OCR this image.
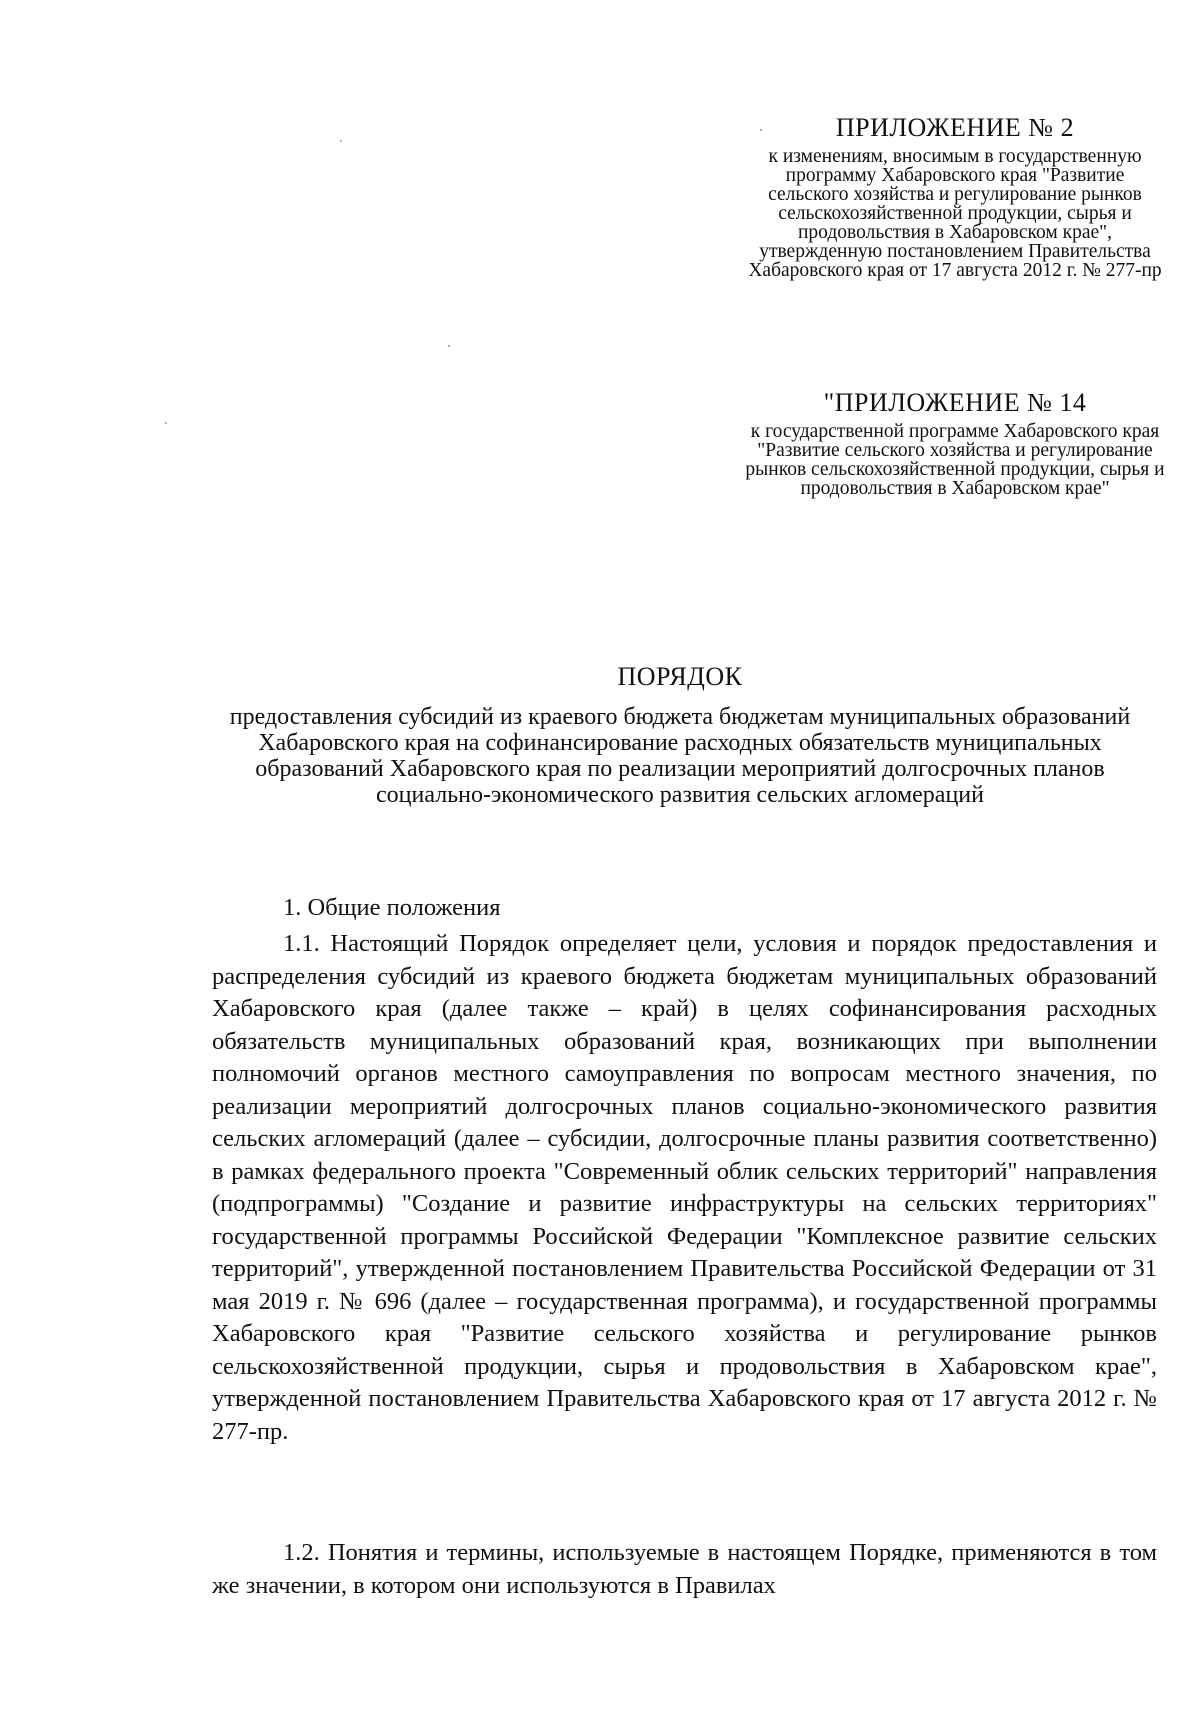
ПРИЛОЖЕНИЕ № 2

к изменениям, вносимым в государственную программу Хабаровского края "Развитие сельского хозяйства и регулирование рынков сельскохозяйственной продукции, сырья и продовольствия в Хабаровском крае", утвержденную постановлением Правительства Хабаровского края от 17 августа 2012 г. № 277-пр

"ПРИЛОЖЕНИЕ № 14

к государственной программе Хабаровского края "Развитие сельского хозяйства и регулирование рынков сельскохозяйственной продукции, сырья и продовольствия в Хабаровском крае"

ПОРЯДОК

предоставления субсидий из краевого бюджета бюджетам муниципальных образований Хабаровского края на софинансирование расходных обязательств муниципальных образований Хабаровского края по реализации мероприятий долгосрочных планов социально-экономического развития сельских агломераций

1. Общие положения

1.1. Настоящий Порядок определяет цели, условия и порядок предоставления и распределения субсидий из краевого бюджета бюджетам муниципальных образований Хабаровского края (далее также – край) в целях софинансирования расходных обязательств муниципальных образований края, возникающих при выполнении полномочий органов местного самоуправления по вопросам местного значения, по реализации мероприятий долгосрочных планов социально-экономического развития сельских агломераций (далее – субсидии, долгосрочные планы развития соответственно) в рамках федерального проекта "Современный облик сельских территорий" направления (подпрограммы) "Создание и развитие инфраструктуры на сельских территориях" государственной программы Российской Федерации "Комплексное развитие сельских территорий", утвержденной постановлением Правительства Российской Федерации от 31 мая 2019 г. № 696 (далее – государственная программа), и государственной программы Хабаровского края "Развитие сельского хозяйства и регулирование рынков сельскохозяйственной продукции, сырья и продовольствия в Хабаровском крае", утвержденной постановлением Правительства Хабаровского края от 17 августа 2012 г. № 277-пр.

1.2. Понятия и термины, используемые в настоящем Порядке, применяются в том же значении, в котором они используются в Правилах
